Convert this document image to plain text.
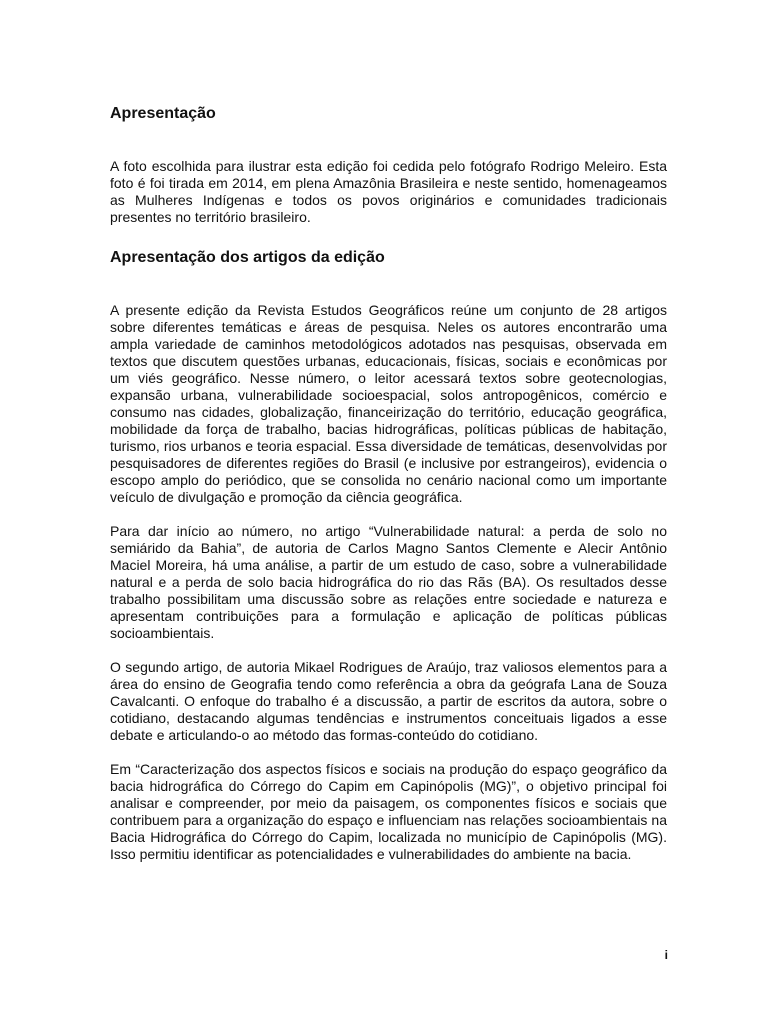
Apresentação

A foto escolhida para ilustrar esta edição foi cedida pelo fotógrafo Rodrigo Meleiro. Esta foto é foi tirada em 2014, em plena Amazônia Brasileira e neste sentido, homenageamos as Mulheres Indígenas e todos os povos originários e comunidades tradicionais presentes no território brasileiro.

Apresentação dos artigos da edição

A presente edição da Revista Estudos Geográficos reúne um conjunto de 28 artigos sobre diferentes temáticas e áreas de pesquisa. Neles os autores encontrarão uma ampla variedade de caminhos metodológicos adotados nas pesquisas, observada em textos que discutem questões urbanas, educacionais, físicas, sociais e econômicas por um viés geográfico. Nesse número, o leitor acessará textos sobre geotecnologias, expansão urbana, vulnerabilidade socioespacial, solos antropogênicos, comércio e consumo nas cidades, globalização, financeirização do território, educação geográfica, mobilidade da força de trabalho, bacias hidrográficas, políticas públicas de habitação, turismo, rios urbanos e teoria espacial. Essa diversidade de temáticas, desenvolvidas por pesquisadores de diferentes regiões do Brasil (e inclusive por estrangeiros), evidencia o escopo amplo do periódico, que se consolida no cenário nacional como um importante veículo de divulgação e promoção da ciência geográfica.

Para dar início ao número, no artigo “Vulnerabilidade natural: a perda de solo no semiárido da Bahia”, de autoria de Carlos Magno Santos Clemente e Alecir Antônio Maciel Moreira, há uma análise, a partir de um estudo de caso, sobre a vulnerabilidade natural e a perda de solo bacia hidrográfica do rio das Rãs (BA). Os resultados desse trabalho possibilitam uma discussão sobre as relações entre sociedade e natureza e apresentam contribuições para a formulação e aplicação de políticas públicas socioambientais.

O segundo artigo, de autoria Mikael Rodrigues de Araújo, traz valiosos elementos para a área do ensino de Geografia tendo como referência a obra da geógrafa Lana de Souza Cavalcanti. O enfoque do trabalho é a discussão, a partir de escritos da autora, sobre o cotidiano, destacando algumas tendências e instrumentos conceituais ligados a esse debate e articulando-o ao método das formas-conteúdo do cotidiano.

Em “Caracterização dos aspectos físicos e sociais na produção do espaço geográfico da bacia hidrográfica do Córrego do Capim em Capinópolis (MG)”, o objetivo principal foi analisar e compreender, por meio da paisagem, os componentes físicos e sociais que contribuem para a organização do espaço e influenciam nas relações socioambientais na Bacia Hidrográfica do Córrego do Capim, localizada no município de Capinópolis (MG). Isso permitiu identificar as potencialidades e vulnerabilidades do ambiente na bacia.

i
